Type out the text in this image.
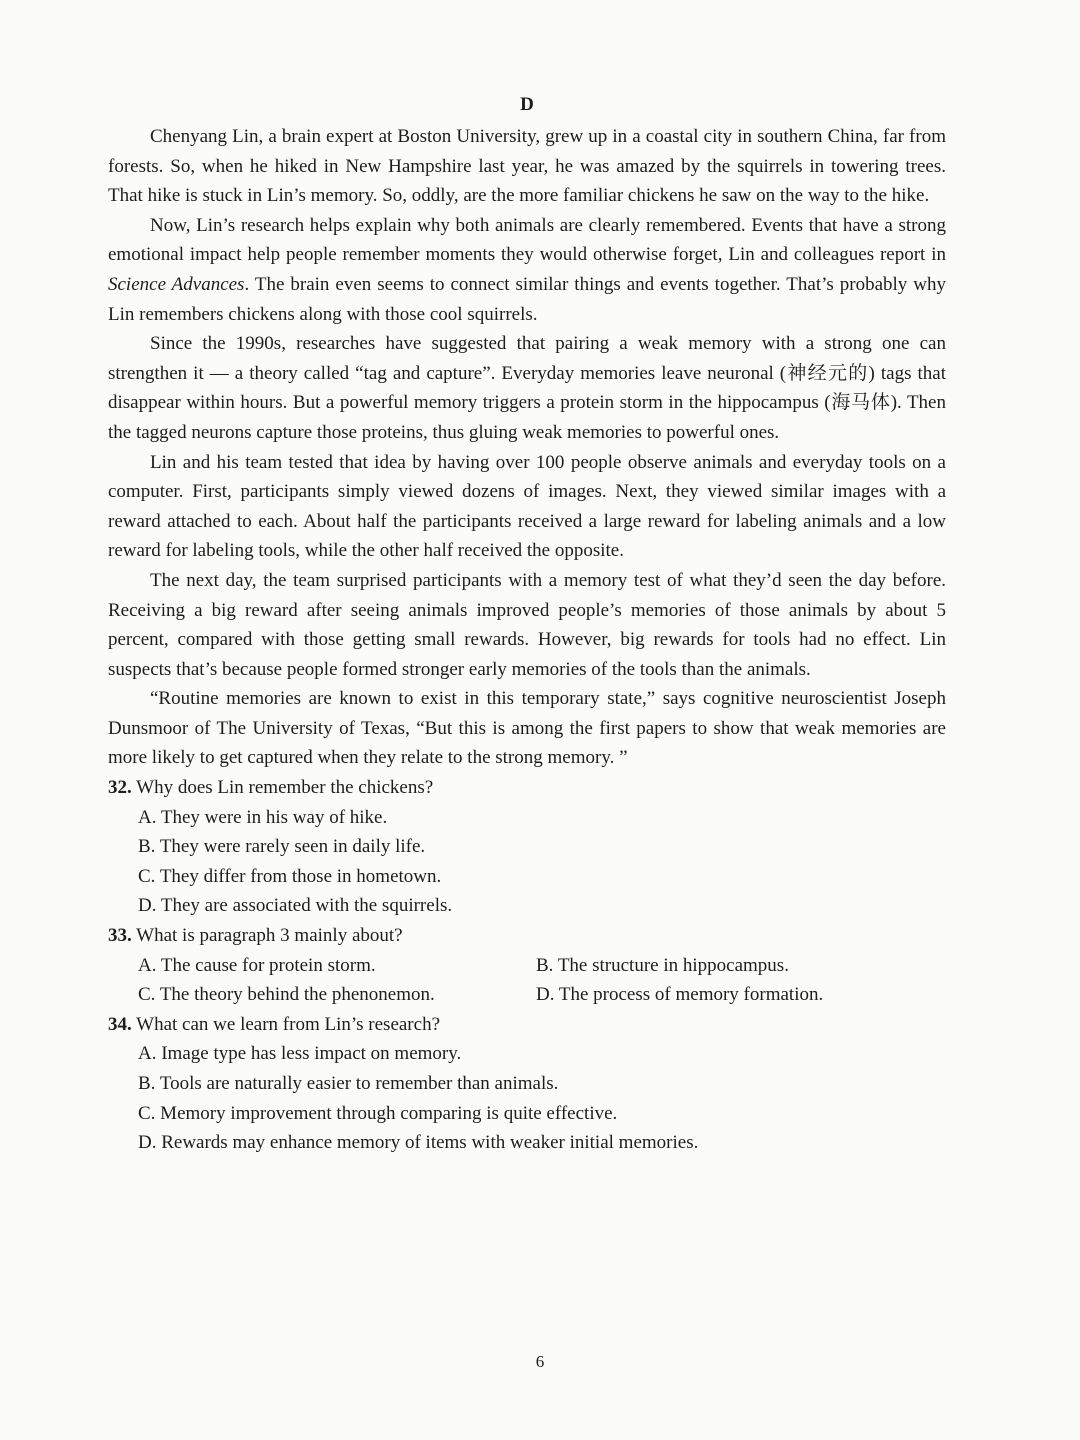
D

Chenyang Lin, a brain expert at Boston University, grew up in a coastal city in southern China, far from forests. So, when he hiked in New Hampshire last year, he was amazed by the squirrels in towering trees. That hike is stuck in Lin’s memory. So, oddly, are the more familiar chickens he saw on the way to the hike.

Now, Lin’s research helps explain why both animals are clearly remembered. Events that have a strong emotional impact help people remember moments they would otherwise forget, Lin and colleagues report in Science Advances. The brain even seems to connect similar things and events together. That’s probably why Lin remembers chickens along with those cool squirrels.

Since the 1990s, researches have suggested that pairing a weak memory with a strong one can strengthen it — a theory called “tag and capture”. Everyday memories leave neuronal (神经元的) tags that disappear within hours. But a powerful memory triggers a protein storm in the hippocampus (海马体). Then the tagged neurons capture those proteins, thus gluing weak memories to powerful ones.

Lin and his team tested that idea by having over 100 people observe animals and everyday tools on a computer. First, participants simply viewed dozens of images. Next, they viewed similar images with a reward attached to each. About half the participants received a large reward for labeling animals and a low reward for labeling tools, while the other half received the opposite.

The next day, the team surprised participants with a memory test of what they’d seen the day before. Receiving a big reward after seeing animals improved people’s memories of those animals by about 5 percent, compared with those getting small rewards. However, big rewards for tools had no effect. Lin suspects that’s because people formed stronger early memories of the tools than the animals.

“Routine memories are known to exist in this temporary state,” says cognitive neuroscientist Joseph Dunsmoor of The University of Texas, “But this is among the first papers to show that weak memories are more likely to get captured when they relate to the strong memory. ”

32. Why does Lin remember the chickens?

A. They were in his way of hike.

B. They were rarely seen in daily life.

C. They differ from those in hometown.

D. They are associated with the squirrels.

33. What is paragraph 3 mainly about?

A. The cause for protein storm.	B. The structure in hippocampus.

C. The theory behind the phenonemon.	D. The process of memory formation.

34. What can we learn from Lin’s research?

A. Image type has less impact on memory.

B. Tools are naturally easier to remember than animals.

C. Memory improvement through comparing is quite effective.

D. Rewards may enhance memory of items with weaker initial memories.

6
